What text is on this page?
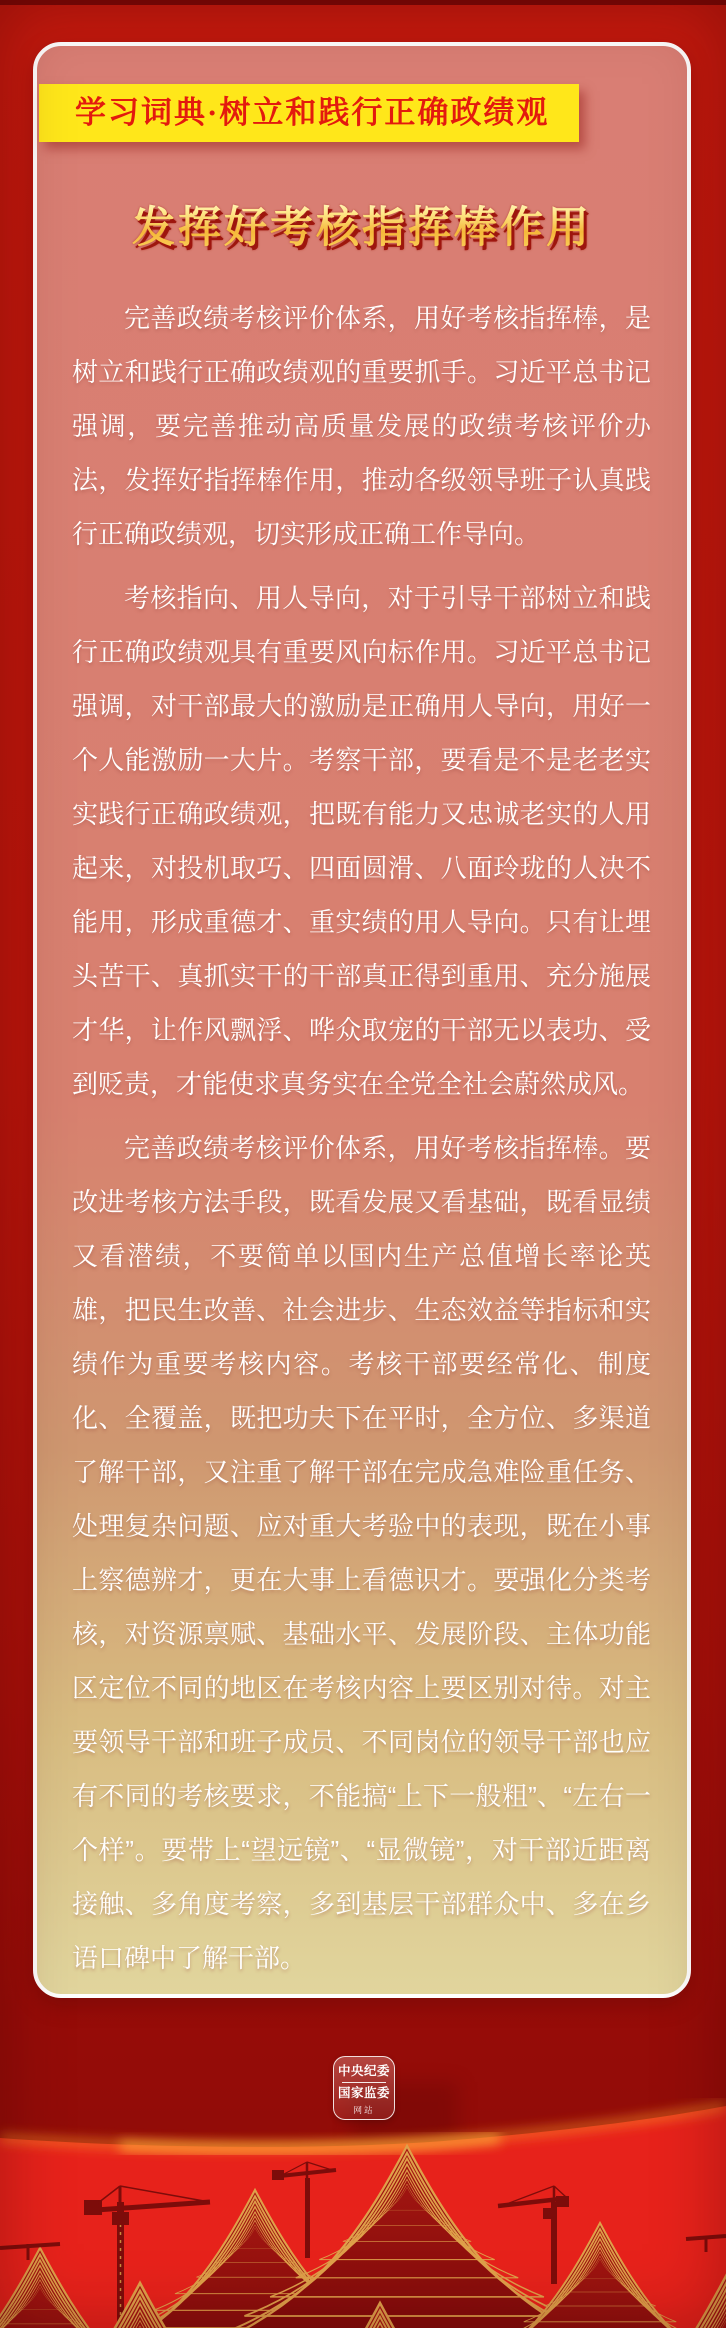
学习词典·树立和践行正确政绩观
发挥好考核指挥棒作用

完善政绩考核评价体系，用好考核指挥棒，是树立和践行正确政绩观的重要抓手。习近平总书记强调，要完善推动高质量发展的政绩考核评价办法，发挥好指挥棒作用，推动各级领导班子认真践行正确政绩观，切实形成正确工作导向。

考核指向、用人导向，对于引导干部树立和践行正确政绩观具有重要风向标作用。习近平总书记强调，对干部最大的激励是正确用人导向，用好一个人能激励一大片。考察干部，要看是不是老老实实践行正确政绩观，把既有能力又忠诚老实的人用起来，对投机取巧、四面圆滑、八面玲珑的人决不能用，形成重德才、重实绩的用人导向。只有让埋头苦干、真抓实干的干部真正得到重用、充分施展才华，让作风飘浮、哗众取宠的干部无以表功、受到贬责，才能使求真务实在全党全社会蔚然成风。

完善政绩考核评价体系，用好考核指挥棒。要改进考核方法手段，既看发展又看基础，既看显绩又看潜绩，不要简单以国内生产总值增长率论英雄，把民生改善、社会进步、生态效益等指标和实绩作为重要考核内容。考核干部要经常化、制度化、全覆盖，既把功夫下在平时，全方位、多渠道了解干部，又注重了解干部在完成急难险重任务、处理复杂问题、应对重大考验中的表现，既在小事上察德辨才，更在大事上看德识才。要强化分类考核，对资源禀赋、基础水平、发展阶段、主体功能区定位不同的地区在考核内容上要区别对待。对主要领导干部和班子成员、不同岗位的领导干部也应有不同的考核要求，不能搞“上下一般粗”、“左右一个样”。要带上“望远镜”、“显微镜”，对干部近距离接触、多角度考察，多到基层干部群众中、多在乡语口碑中了解干部。

中央纪委
国家监委
网站
